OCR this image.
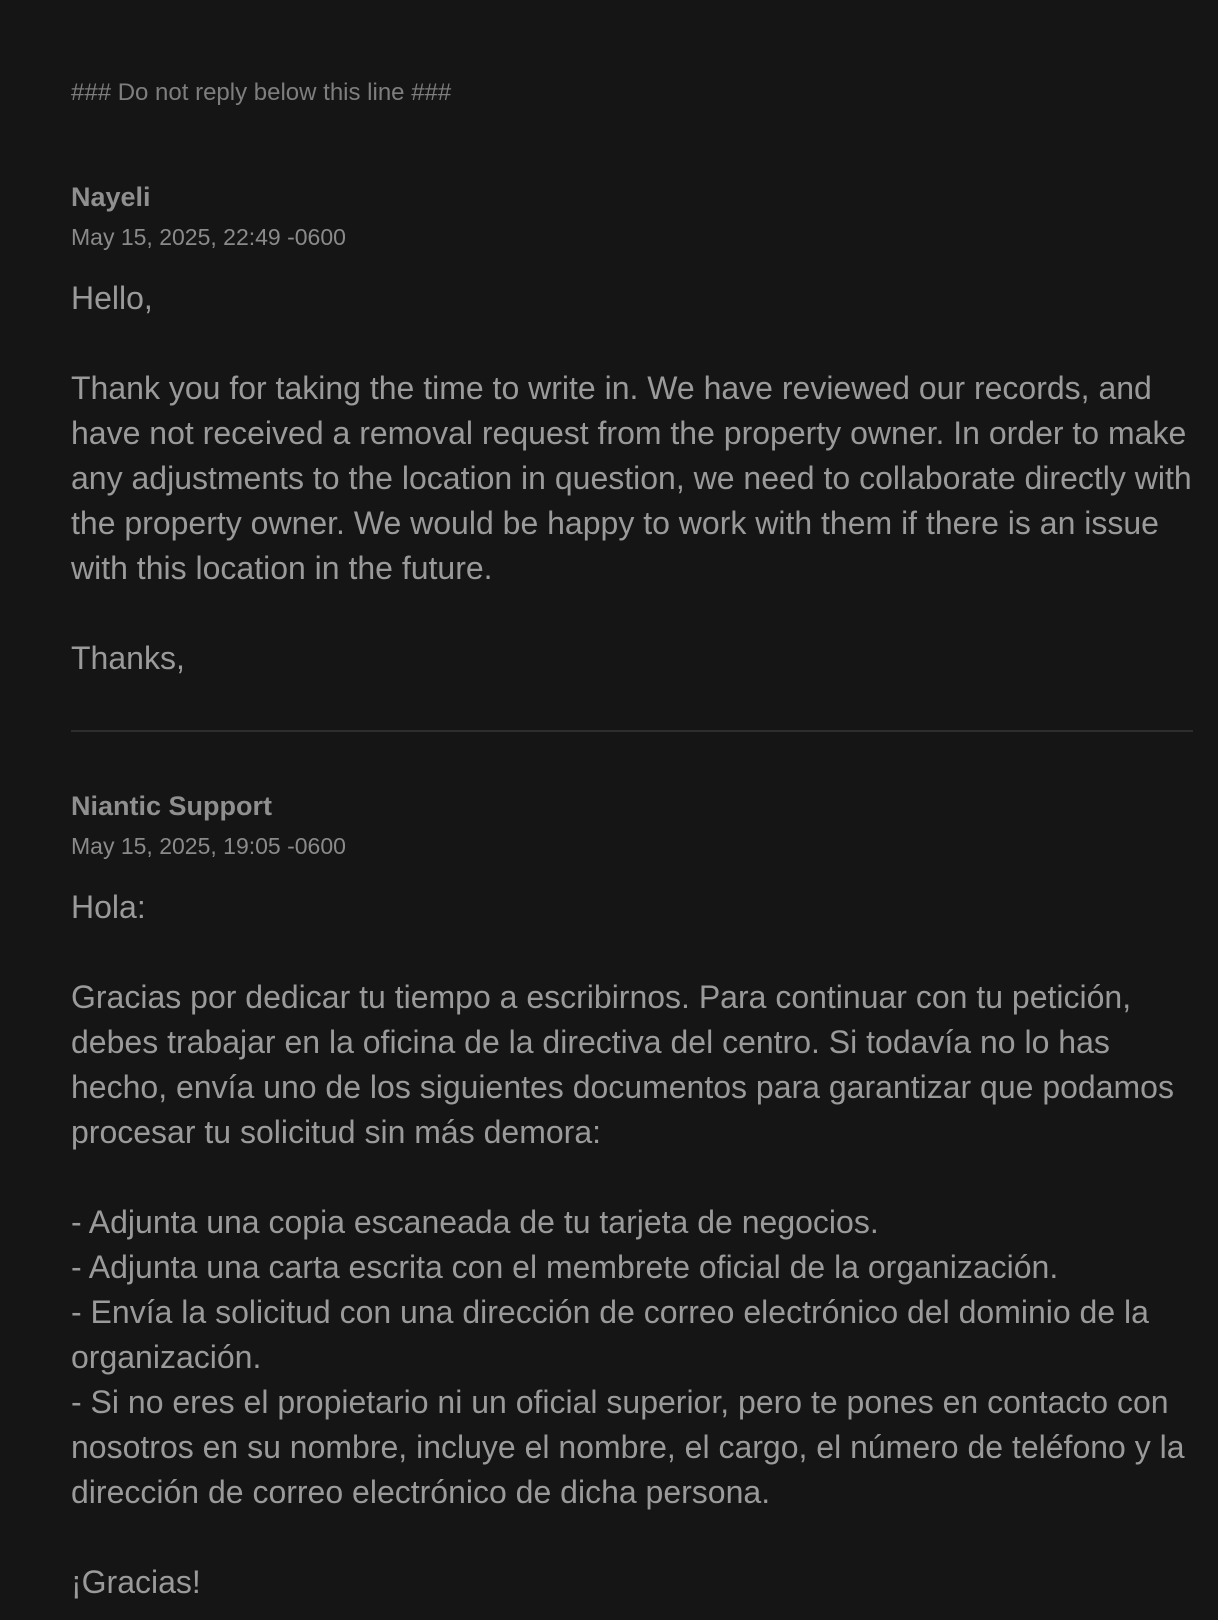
### Do not reply below this line ###
Nayeli
May 15, 2025, 22:49 -0600

Hello,

Thank you for taking the time to write in. We have reviewed our records, and have not received a removal request from the property owner. In order to make any adjustments to the location in question, we need to collaborate directly with the property owner. We would be happy to work with them if there is an issue with this location in the future.

Thanks,

Niantic Support
May 15, 2025, 19:05 -0600

Hola:

Gracias por dedicar tu tiempo a escribirnos. Para continuar con tu petición, debes trabajar en la oficina de la directiva del centro. Si todavía no lo has hecho, envía uno de los siguientes documentos para garantizar que podamos procesar tu solicitud sin más demora:

- Adjunta una copia escaneada de tu tarjeta de negocios.

- Adjunta una carta escrita con el membrete oficial de la organización.

- Envía la solicitud con una dirección de correo electrónico del dominio de la organización.

- Si no eres el propietario ni un oficial superior, pero te pones en contacto con nosotros en su nombre, incluye el nombre, el cargo, el número de teléfono y la dirección de correo electrónico de dicha persona.

¡Gracias!
